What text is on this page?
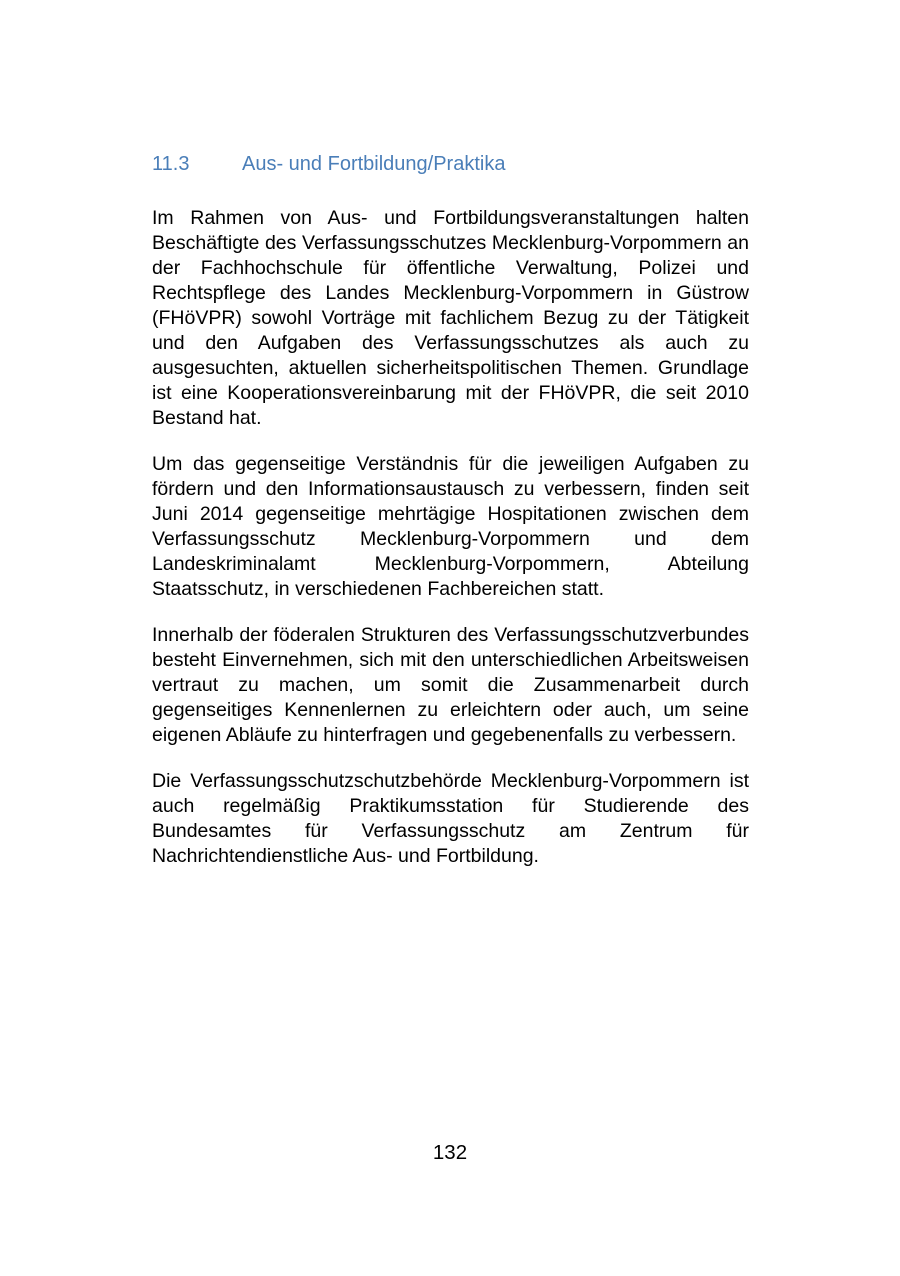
11.3	Aus- und Fortbildung/Praktika

Im Rahmen von Aus- und Fortbildungsveranstaltungen halten Beschäftigte des Verfassungsschutzes Mecklenburg-Vorpommern an der Fachhochschule für öffentliche Verwaltung, Polizei und Rechtspflege des Landes Mecklenburg-Vorpommern in Güstrow (FHöVPR) sowohl Vorträge mit fachlichem Bezug zu der Tätigkeit und den Aufgaben des Verfassungsschutzes als auch zu ausgesuchten, aktuellen sicherheitspolitischen Themen. Grundlage ist eine Kooperationsvereinbarung mit der FHöVPR, die seit 2010 Bestand hat.

Um das gegenseitige Verständnis für die jeweiligen Aufgaben zu fördern und den Informationsaustausch zu verbessern, finden seit Juni 2014 gegenseitige mehrtägige Hospitationen zwischen dem Verfassungsschutz Mecklenburg-Vorpommern und dem Landeskriminalamt Mecklenburg-Vorpommern, Abteilung Staatsschutz, in verschiedenen Fachbereichen statt.

Innerhalb der föderalen Strukturen des Verfassungsschutzverbundes besteht Einvernehmen, sich mit den unterschiedlichen Arbeitsweisen vertraut zu machen, um somit die Zusammenarbeit durch gegenseitiges Kennenlernen zu erleichtern oder auch, um seine eigenen Abläufe zu hinterfragen und gegebenenfalls zu verbessern.

Die Verfassungsschutzschutzbehörde Mecklenburg-Vorpommern ist auch regelmäßig Praktikumsstation für Studierende des Bundesamtes für Verfassungsschutz am Zentrum für Nachrichtendienstliche Aus- und Fortbildung.

132
